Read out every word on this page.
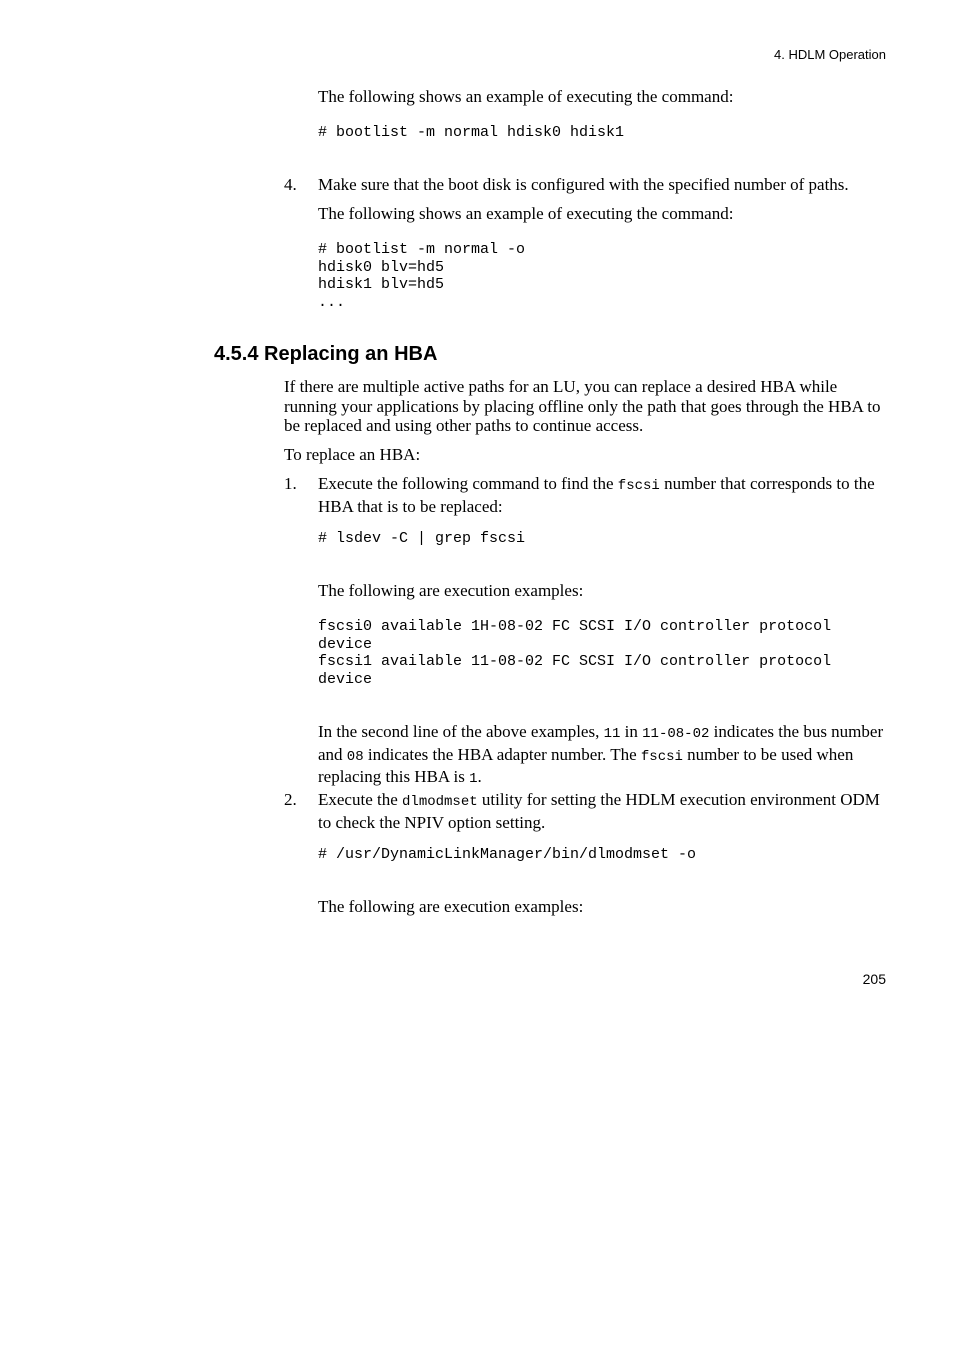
4. HDLM Operation
The following shows an example of executing the command:
# bootlist -m normal hdisk0 hdisk1
4. Make sure that the boot disk is configured with the specified number of paths.
The following shows an example of executing the command:
# bootlist -m normal -o
hdisk0 blv=hd5
hdisk1 blv=hd5
...
4.5.4 Replacing an HBA
If there are multiple active paths for an LU, you can replace a desired HBA while running your applications by placing offline only the path that goes through the HBA to be replaced and using other paths to continue access.
To replace an HBA:
1. Execute the following command to find the fscsi number that corresponds to the HBA that is to be replaced:
# lsdev -C | grep fscsi
The following are execution examples:
fscsi0 available 1H-08-02 FC SCSI I/O controller protocol
device
fscsi1 available 11-08-02 FC SCSI I/O controller protocol
device
In the second line of the above examples, 11 in 11-08-02 indicates the bus number and 08 indicates the HBA adapter number. The fscsi number to be used when replacing this HBA is 1.
2. Execute the dlmodmset utility for setting the HDLM execution environment ODM to check the NPIV option setting.
# /usr/DynamicLinkManager/bin/dlmodmset -o
The following are execution examples:
205
